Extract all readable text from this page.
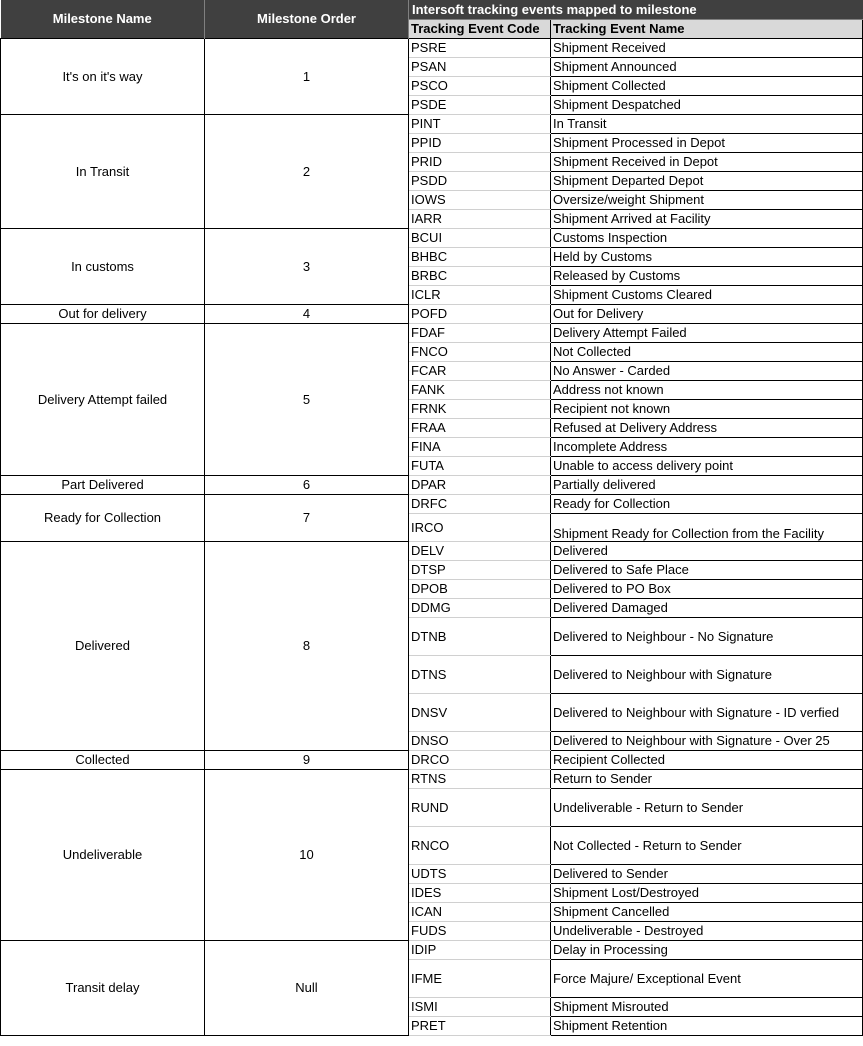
Milestone Name	Milestone Order	Intersoft tracking events mapped to milestone	
		Tracking Event Code	Tracking Event Name
It's on it's way	1	PSRE	Shipment Received
		PSAN	Shipment Announced
		PSCO	Shipment Collected
		PSDE	Shipment Despatched
In Transit	2	PINT	In Transit
		PPID	Shipment Processed in Depot
		PRID	Shipment Received in Depot
		PSDD	Shipment Departed Depot
		IOWS	Oversize/weight Shipment
		IARR	Shipment Arrived at Facility
In customs	3	BCUI	Customs Inspection
		BHBC	Held by Customs
		BRBC	Released by Customs
		ICLR	Shipment Customs Cleared
Out for delivery	4	POFD	Out for Delivery
Delivery Attempt failed	5	FDAF	Delivery Attempt Failed
		FNCO	Not Collected
		FCAR	No Answer - Carded
		FANK	Address not known
		FRNK	Recipient not known
		FRAA	Refused at Delivery Address
		FINA	Incomplete Address
		FUTA	Unable to access delivery point
Part Delivered	6	DPAR	Partially delivered
Ready for Collection	7	DRFC	Ready for Collection
		IRCO	Shipment Ready for Collection from the Facility
Delivered	8	DELV	Delivered
		DTSP	Delivered to Safe Place
		DPOB	Delivered to PO Box
		DDMG	Delivered Damaged
		DTNB	Delivered to Neighbour - No Signature
		DTNS	Delivered to Neighbour with Signature
		DNSV	Delivered to Neighbour with Signature - ID verfied
		DNSO	Delivered to Neighbour with Signature - Over 25
Collected	9	DRCO	Recipient Collected
Undeliverable	10	RTNS	Return to Sender
		RUND	Undeliverable - Return to Sender
		RNCO	Not Collected - Return to Sender
		UDTS	Delivered to Sender
		IDES	Shipment Lost/Destroyed
		ICAN	Shipment Cancelled
		FUDS	Undeliverable - Destroyed
Transit delay	Null	IDIP	Delay in Processing
		IFME	Force Majure/ Exceptional Event
		ISMI	Shipment Misrouted
		PRET	Shipment Retention
